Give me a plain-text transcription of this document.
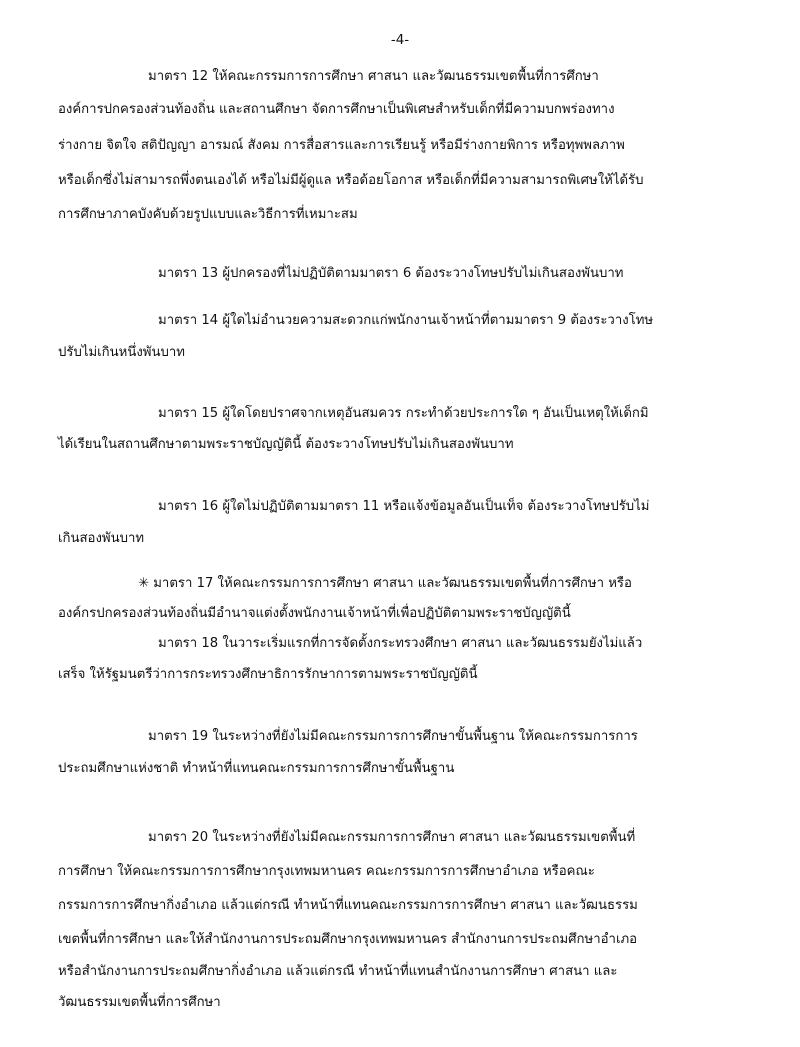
-4-
มาตรา 12 ให้คณะกรรมการการศึกษา ศาสนา และวัฒนธรรมเขตพื้นที่การศึกษา
องค์การปกครองส่วนท้องถิ่น และสถานศึกษา จัดการศึกษาเป็นพิเศษสำหรับเด็กที่มีความบกพร่องทาง
ร่างกาย จิตใจ สติปัญญา อารมณ์ สังคม การสื่อสารและการเรียนรู้ หรือมีร่างกายพิการ หรือทุพพลภาพ
หรือเด็กซึ่งไม่สามารถพึ่งตนเองได้ หรือไม่มีผู้ดูแล หรือด้อยโอกาส หรือเด็กที่มีความสามารถพิเศษให้ได้รับ
การศึกษาภาคบังคับด้วยรูปแบบและวิธีการที่เหมาะสม
มาตรา 13 ผู้ปกครองที่ไม่ปฏิบัติตามมาตรา 6 ต้องระวางโทษปรับไม่เกินสองพันบาท
มาตรา 14 ผู้ใดไม่อำนวยความสะดวกแก่พนักงานเจ้าหน้าที่ตามมาตรา 9 ต้องระวางโทษ
ปรับไม่เกินหนึ่งพันบาท
มาตรา 15 ผู้ใดโดยปราศจากเหตุอันสมควร กระทำด้วยประการใด ๆ อันเป็นเหตุให้เด็กมิ
ได้เรียนในสถานศึกษาตามพระราชบัญญัตินี้ ต้องระวางโทษปรับไม่เกินสองพันบาท
มาตรา 16 ผู้ใดไม่ปฏิบัติตามมาตรา 11 หรือแจ้งข้อมูลอันเป็นเท็จ ต้องระวางโทษปรับไม่
เกินสองพันบาท
✳ มาตรา 17 ให้คณะกรรมการการศึกษา ศาสนา และวัฒนธรรมเขตพื้นที่การศึกษา หรือ
องค์กรปกครองส่วนท้องถิ่นมีอำนาจแต่งตั้งพนักงานเจ้าหน้าที่เพื่อปฏิบัติตามพระราชบัญญัตินี้
มาตรา 18 ในวาระเริ่มแรกที่การจัดตั้งกระทรวงศึกษา ศาสนา และวัฒนธรรมยังไม่แล้ว
เสร็จ ให้รัฐมนตรีว่าการกระทรวงศึกษาธิการรักษาการตามพระราชบัญญัตินี้
มาตรา 19 ในระหว่างที่ยังไม่มีคณะกรรมการการศึกษาขั้นพื้นฐาน ให้คณะกรรมการการ
ประถมศึกษาแห่งชาติ ทำหน้าที่แทนคณะกรรมการการศึกษาขั้นพื้นฐาน
มาตรา 20 ในระหว่างที่ยังไม่มีคณะกรรมการการศึกษา ศาสนา และวัฒนธรรมเขตพื้นที่
การศึกษา ให้คณะกรรมการการศึกษากรุงเทพมหานคร คณะกรรมการการศึกษาอำเภอ หรือคณะ
กรรมการการศึกษากิ่งอำเภอ แล้วแต่กรณี ทำหน้าที่แทนคณะกรรมการการศึกษา ศาสนา และวัฒนธรรม
เขตพื้นที่การศึกษา และให้สำนักงานการประถมศึกษากรุงเทพมหานคร สำนักงานการประถมศึกษาอำเภอ
หรือสำนักงานการประถมศึกษากิ่งอำเภอ แล้วแต่กรณี ทำหน้าที่แทนสำนักงานการศึกษา ศาสนา และ
วัฒนธรรมเขตพื้นที่การศึกษา
